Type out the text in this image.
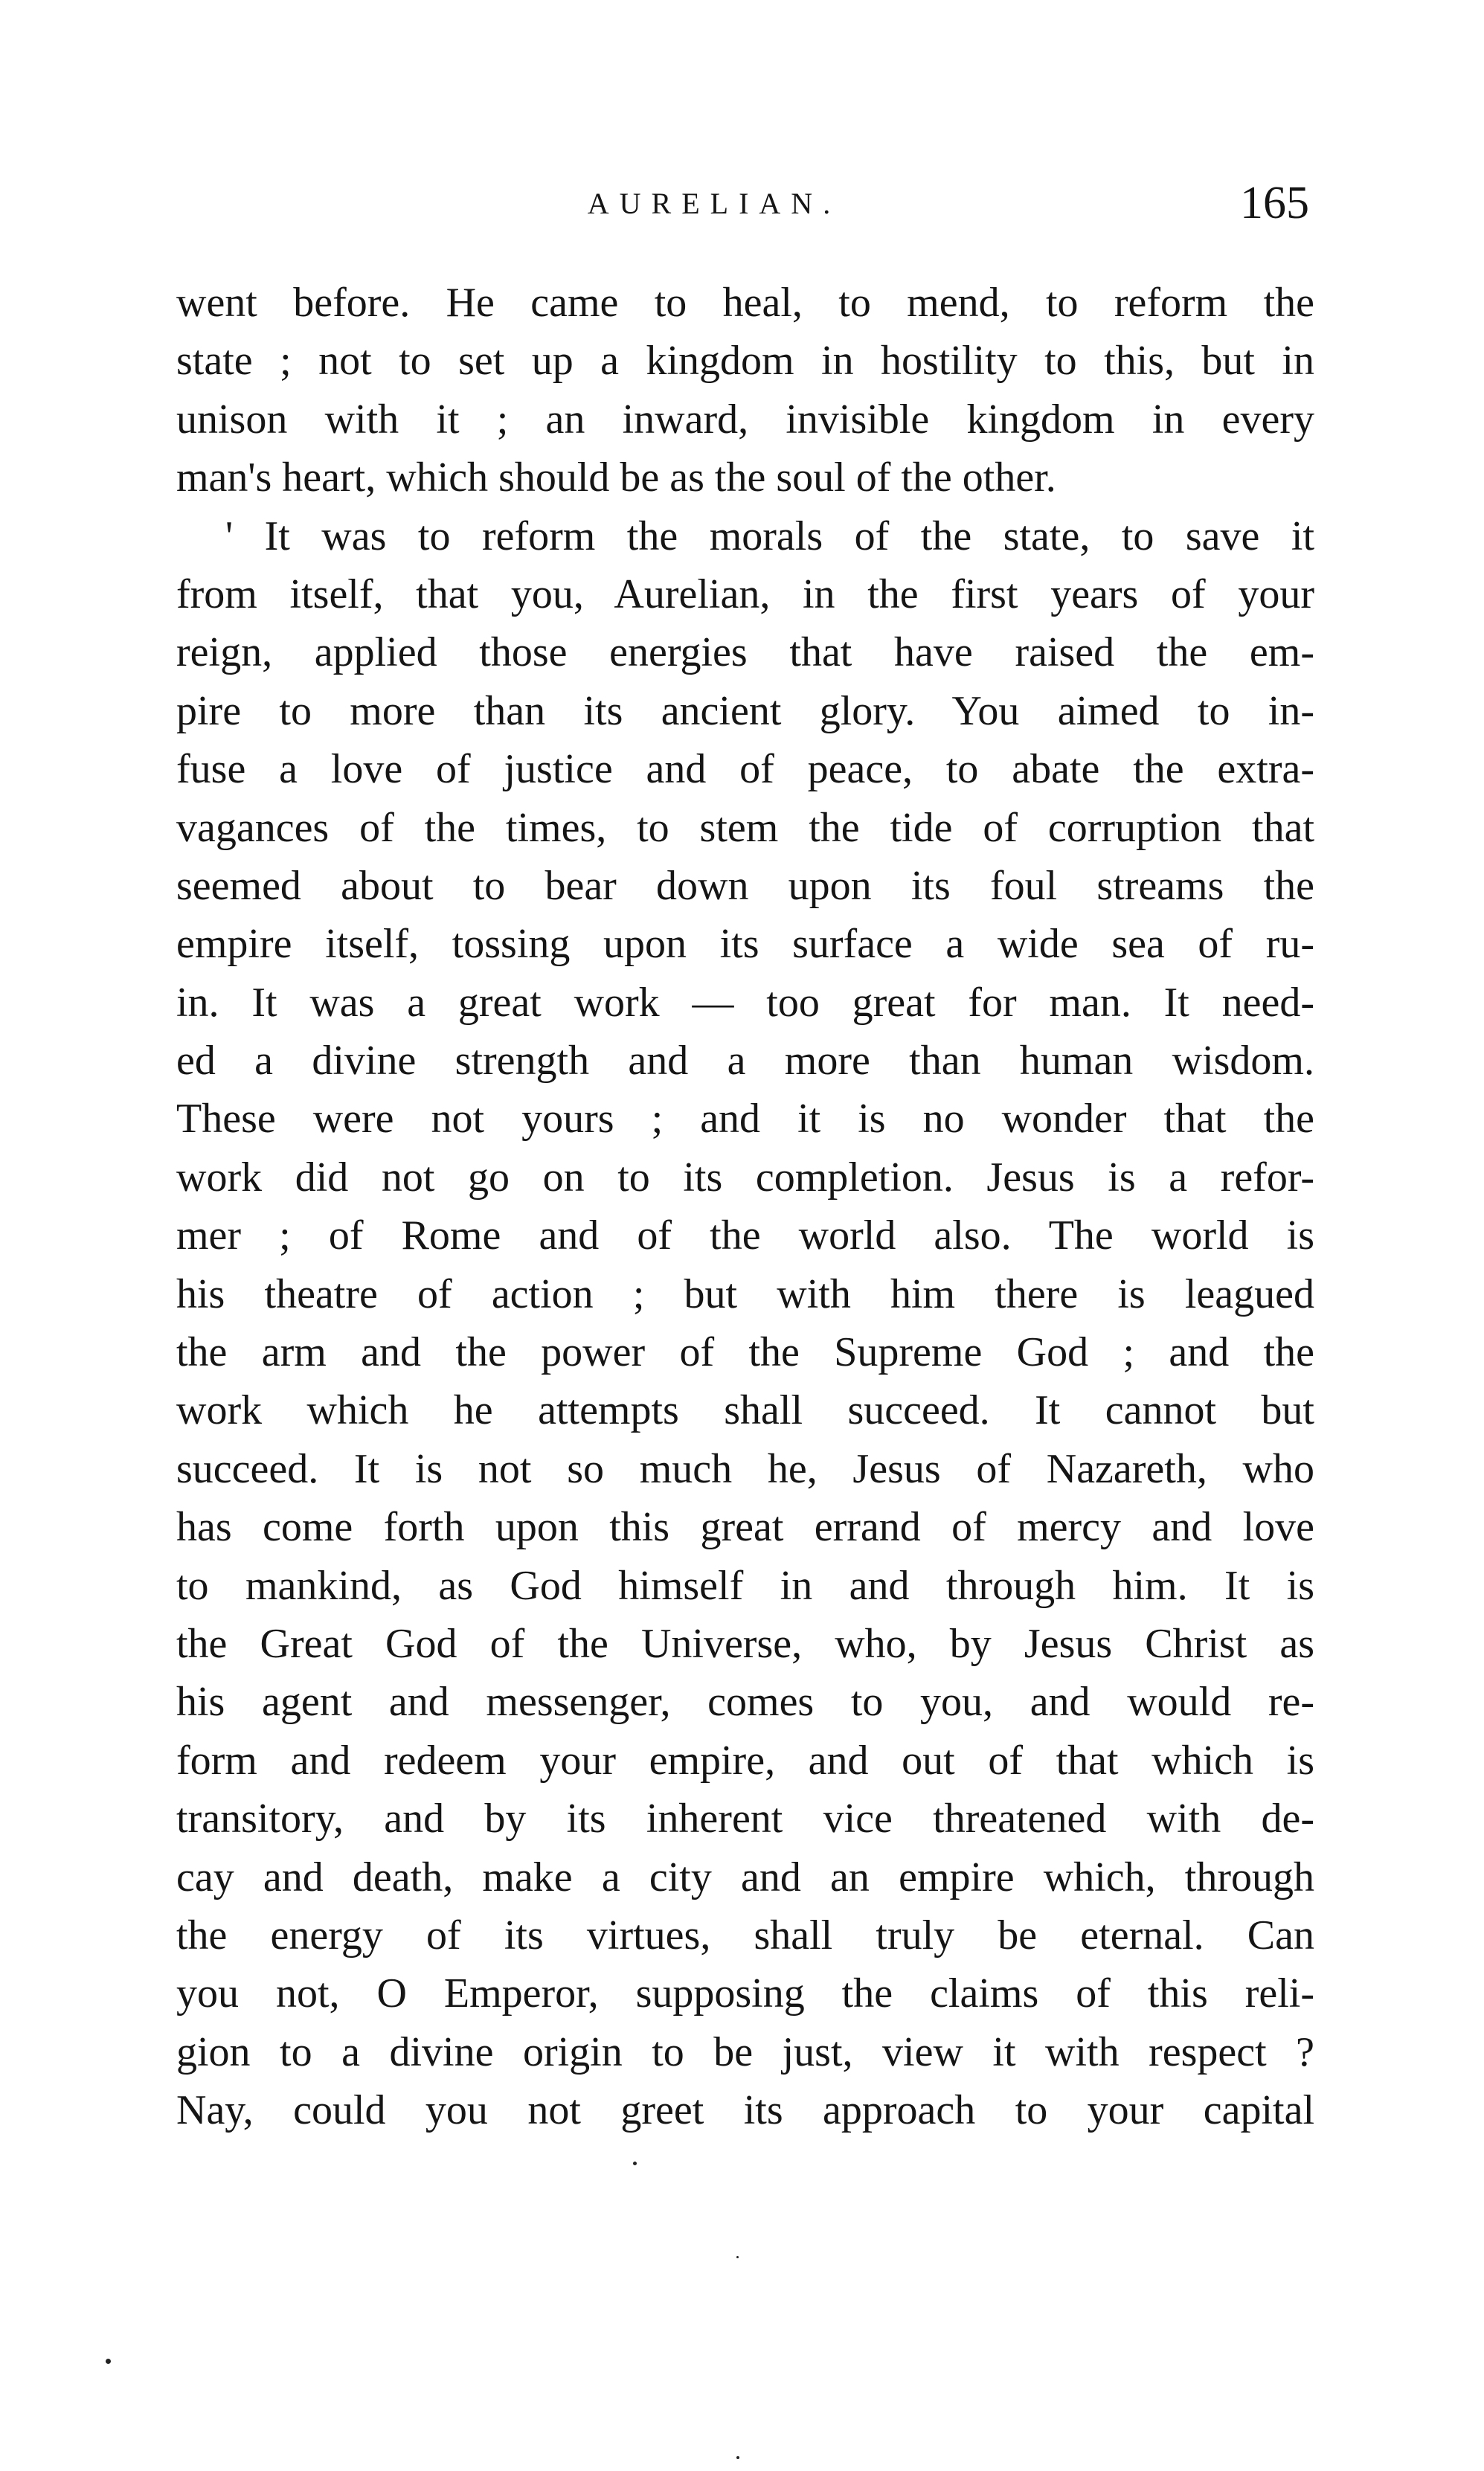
AURELIAN.	165
went before. He came to heal, to mend, to reform the
state ; not to set up a kingdom in hostility to this, but in
unison with it ; an inward, invisible kingdom in every
man's heart, which should be as the soul of the other.
' It was to reform the morals of the state, to save it
from itself, that you, Aurelian, in the first years of your
reign, applied those energies that have raised the em-
pire to more than its ancient glory. You aimed to in-
fuse a love of justice and of peace, to abate the extra-
vagances of the times, to stem the tide of corruption that
seemed about to bear down upon its foul streams the
empire itself, tossing upon its surface a wide sea of ru-
in. It was a great work — too great for man. It need-
ed a divine strength and a more than human wisdom.
These were not yours ; and it is no wonder that the
work did not go on to its completion. Jesus is a refor-
mer ; of Rome and of the world also. The world is
his theatre of action ; but with him there is leagued
the arm and the power of the Supreme God ; and the
work which he attempts shall succeed. It cannot but
succeed. It is not so much he, Jesus of Nazareth, who
has come forth upon this great errand of mercy and love
to mankind, as God himself in and through him. It is
the Great God of the Universe, who, by Jesus Christ as
his agent and messenger, comes to you, and would re-
form and redeem your empire, and out of that which is
transitory, and by its inherent vice threatened with de-
cay and death, make a city and an empire which, through
the energy of its virtues, shall truly be eternal. Can
you not, O Emperor, supposing the claims of this reli-
gion to a divine origin to be just, view it with respect ?
Nay, could you not greet its approach to your capital
